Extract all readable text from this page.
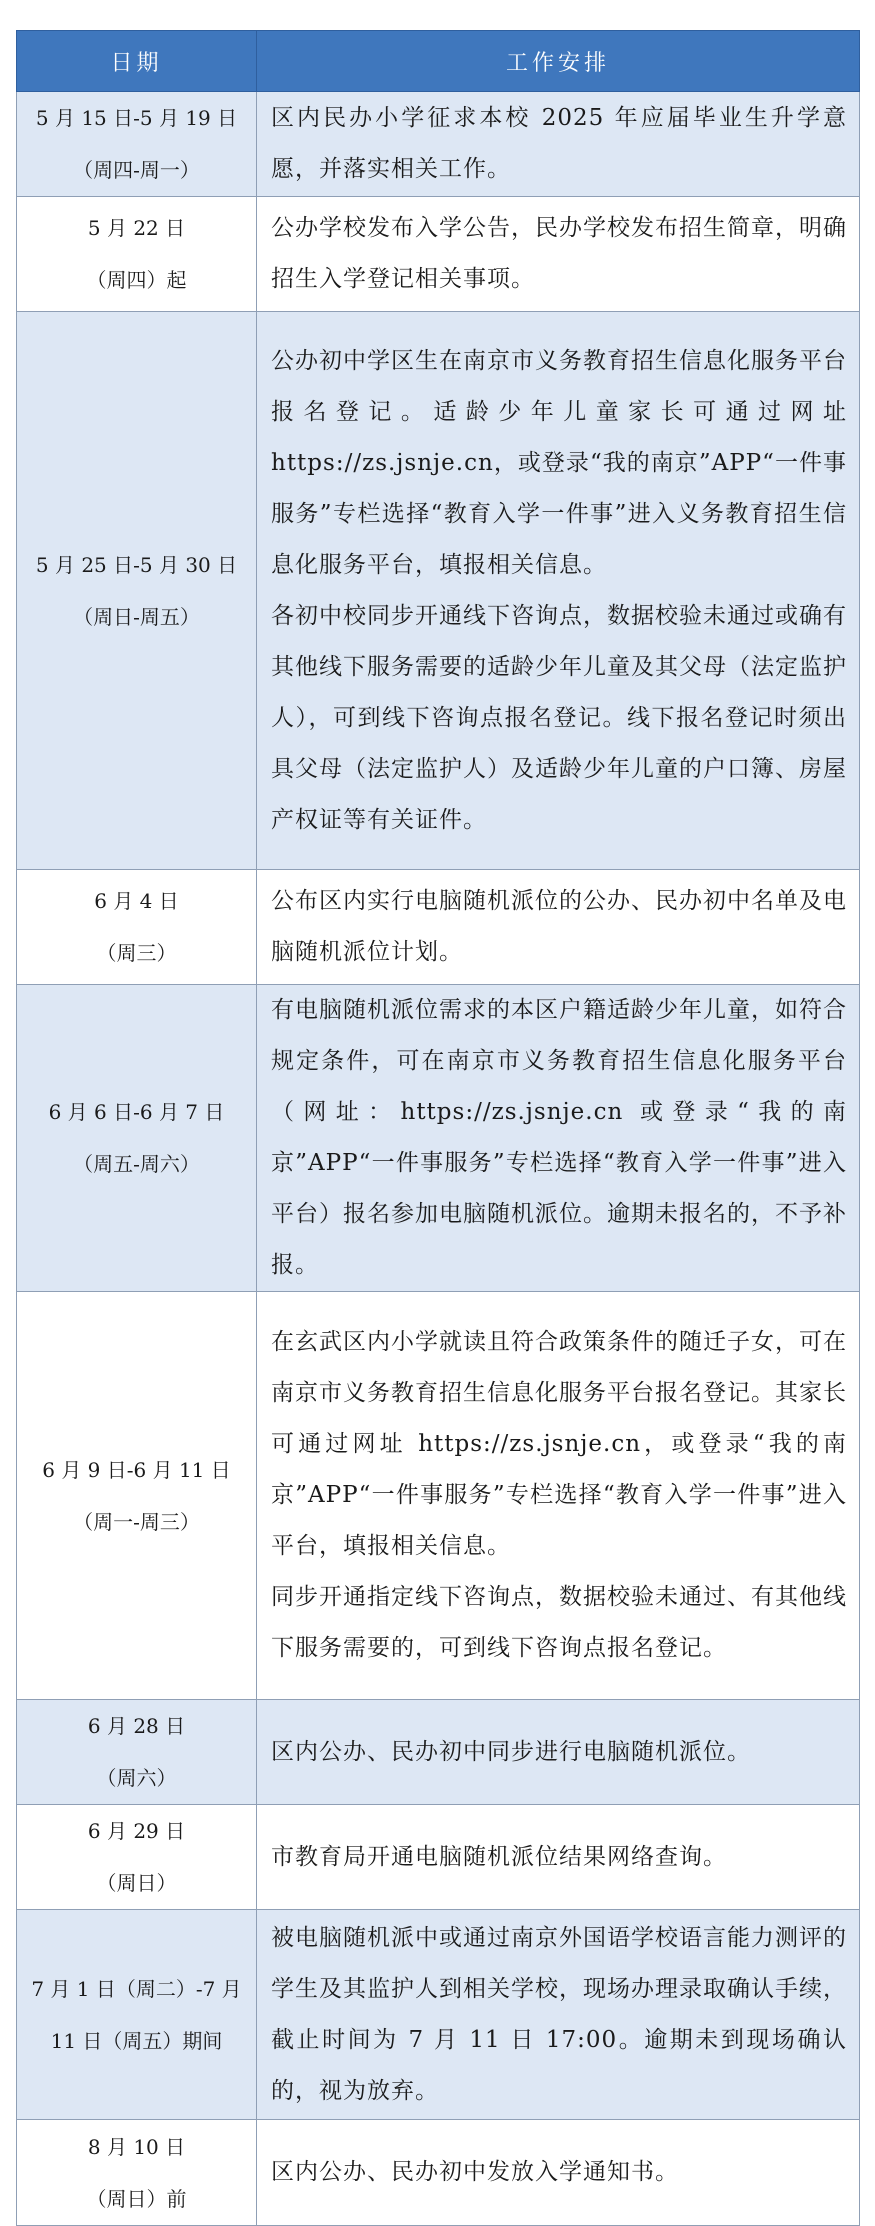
日期	工作安排

5 月 15 日-5 月 19 日
（周四-周一）	区内民办小学征求本校 2025 年应届毕业生升学意愿，并落实相关工作。

5 月 22 日
（周四）起	公办学校发布入学公告，民办学校发布招生简章，明确招生入学登记相关事项。

5 月 25 日-5 月 30 日
（周日-周五）	公办初中学区生在南京市义务教育招生信息化服务平台报名登记。适龄少年儿童家长可通过网址 https://zs.jsnje.cn，或登录“我的南京”APP“一件事服务”专栏选择“教育入学一件事”进入义务教育招生信息化服务平台，填报相关信息。
各初中校同步开通线下咨询点，数据校验未通过或确有其他线下服务需要的适龄少年儿童及其父母（法定监护人），可到线下咨询点报名登记。线下报名登记时须出具父母（法定监护人）及适龄少年儿童的户口簿、房屋产权证等有关证件。

6 月 4 日
（周三）	公布区内实行电脑随机派位的公办、民办初中名单及电脑随机派位计划。

6 月 6 日-6 月 7 日
（周五-周六）	有电脑随机派位需求的本区户籍适龄少年儿童，如符合规定条件，可在南京市义务教育招生信息化服务平台（网址：https://zs.jsnje.cn 或登录“我的南京”APP“一件事服务”专栏选择“教育入学一件事”进入平台）报名参加电脑随机派位。逾期未报名的，不予补报。

6 月 9 日-6 月 11 日
（周一-周三）	在玄武区内小学就读且符合政策条件的随迁子女，可在南京市义务教育招生信息化服务平台报名登记。其家长可通过网址 https://zs.jsnje.cn，或登录“我的南京”APP“一件事服务”专栏选择“教育入学一件事”进入平台，填报相关信息。
同步开通指定线下咨询点，数据校验未通过、有其他线下服务需要的，可到线下咨询点报名登记。

6 月 28 日
（周六）	区内公办、民办初中同步进行电脑随机派位。

6 月 29 日
（周日）	市教育局开通电脑随机派位结果网络查询。

7 月 1 日（周二）-7 月 11 日（周五）期间	被电脑随机派中或通过南京外国语学校语言能力测评的学生及其监护人到相关学校，现场办理录取确认手续，截止时间为 7 月 11 日 17:00。逾期未到现场确认的，视为放弃。

8 月 10 日
（周日）前	区内公办、民办初中发放入学通知书。
